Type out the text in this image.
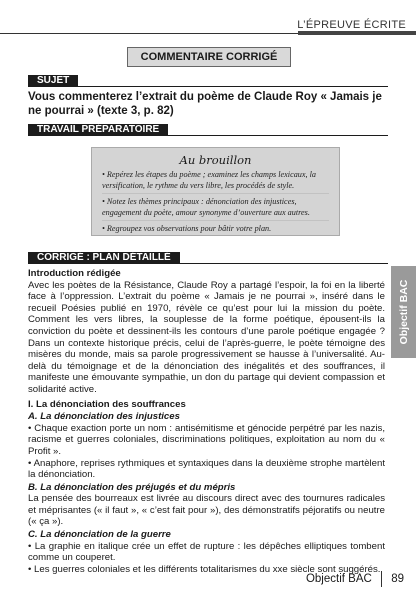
L’ÉPREUVE ÉCRITE
COMMENTAIRE CORRIGÉ
SUJET
Vous commenterez l’extrait du poème de Claude Roy « Jamais je ne pourrai » (texte 3, p. 82)
TRAVAIL PRÉPARATOIRE
Au brouillon
• Repérez les étapes du poème ; examinez les champs lexicaux, la versification, le rythme du vers libre, les procédés de style.
• Notez les thèmes principaux : dénonciation des injustices, engagement du poète, amour synonyme d’ouverture aux autres.
• Regroupez vos observations pour bâtir votre plan.
CORRIGÉ : PLAN DÉTAILLÉ

Introduction rédigée

Avec les poètes de la Résistance, Claude Roy a partagé l’espoir, la foi en la liberté face à l’oppression. L’extrait du poème « Jamais je ne pourrai », inséré dans le recueil Poésies publié en 1970, révèle ce qu’est pour lui la mission du poète. Comment les vers libres, la souplesse de la forme poétique, épousent-ils la conviction du poète et dessinent-ils les contours d’une parole poétique engagée ? Dans un contexte historique précis, celui de l’après-guerre, le poète témoigne des misères du monde, mais sa parole progressivement se hausse à l’universalité. Au-delà du témoignage et de la dénonciation des inégalités et des souffrances, il manifeste une émouvante sympathie, un don du partage qui devient compassion et solidarité active.

I. La dénonciation des souffrances

A. La dénonciation des injustices

• Chaque exaction porte un nom : antisémitisme et génocide perpétré par les nazis, racisme et guerres coloniales, discriminations politiques, exploitation au nom du « Profit ».

• Anaphore, reprises rythmiques et syntaxiques dans la deuxième strophe martèlent la dénonciation.

B. La dénonciation des préjugés et du mépris

La pensée des bourreaux est livrée au discours direct avec des tournures radicales et méprisantes (« il faut », « c’est fait pour »), des démonstratifs péjoratifs ou neutre (« ça »).

C. La dénonciation de la guerre

• La graphie en italique crée un effet de rupture : les dépêches elliptiques tombent comme un couperet.

• Les guerres coloniales et les différents totalitarismes du xxe siècle sont suggérés.

Objectif BAC
Objectif BAC 89
